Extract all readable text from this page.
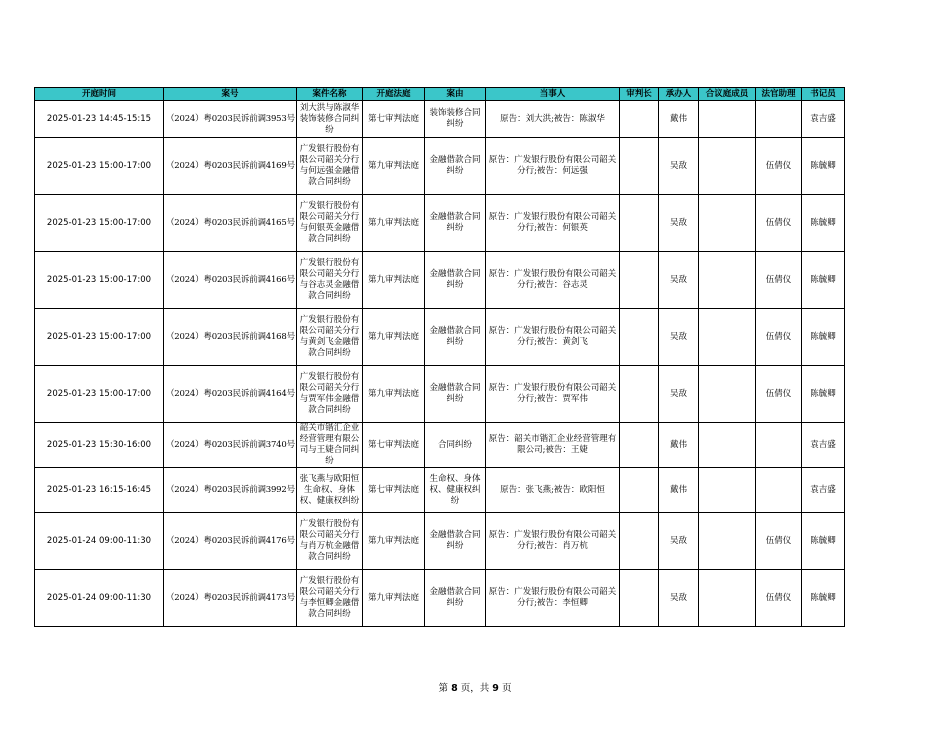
开庭时间	案号	案件名称	开庭法庭	案由	当事人	审判长	承办人	合议庭成员	法官助理	书记员
2025-01-23 14:45-15:15	（2024）粤0203民诉前调3953号	刘大洪与陈淑华装饰装修合同纠纷	第七审判法庭	装饰装修合同纠纷	原告：刘大洪;被告：陈淑华		戴伟			袁吉盛
2025-01-23 15:00-17:00	（2024）粤0203民诉前调4169号	广发银行股份有限公司韶关分行与何远强金融借款合同纠纷	第九审判法庭	金融借款合同纠纷	原告：广发银行股份有限公司韶关分行;被告：何远强		吴敌		伍倩仪	陈毓卿
2025-01-23 15:00-17:00	（2024）粤0203民诉前调4165号	广发银行股份有限公司韶关分行与何银英金融借款合同纠纷	第九审判法庭	金融借款合同纠纷	原告：广发银行股份有限公司韶关分行;被告：何银英		吴敌		伍倩仪	陈毓卿
2025-01-23 15:00-17:00	（2024）粤0203民诉前调4166号	广发银行股份有限公司韶关分行与谷志灵金融借款合同纠纷	第九审判法庭	金融借款合同纠纷	原告：广发银行股份有限公司韶关分行;被告：谷志灵		吴敌		伍倩仪	陈毓卿
2025-01-23 15:00-17:00	（2024）粤0203民诉前调4168号	广发银行股份有限公司韶关分行与黄剑飞金融借款合同纠纷	第九审判法庭	金融借款合同纠纷	原告：广发银行股份有限公司韶关分行;被告：黄剑飞		吴敌		伍倩仪	陈毓卿
2025-01-23 15:00-17:00	（2024）粤0203民诉前调4164号	广发银行股份有限公司韶关分行与贾军伟金融借款合同纠纷	第九审判法庭	金融借款合同纠纷	原告：广发银行股份有限公司韶关分行;被告：贾军伟		吴敌		伍倩仪	陈毓卿
2025-01-23 15:30-16:00	（2024）粤0203民诉前调3740号	韶关市锴汇企业经营管理有限公司与王婕合同纠纷	第七审判法庭	合同纠纷	原告：韶关市锴汇企业经营管理有限公司;被告：王婕		戴伟			袁吉盛
2025-01-23 16:15-16:45	（2024）粤0203民诉前调3992号	张飞燕与欧阳恒生命权、身体权、健康权纠纷	第七审判法庭	生命权、身体权、健康权纠纷	原告：张飞燕;被告：欧阳恒		戴伟			袁吉盛
2025-01-24 09:00-11:30	（2024）粤0203民诉前调4176号	广发银行股份有限公司韶关分行与肖万杭金融借款合同纠纷	第九审判法庭	金融借款合同纠纷	原告：广发银行股份有限公司韶关分行;被告：肖万杭		吴敌		伍倩仪	陈毓卿
2025-01-24 09:00-11:30	（2024）粤0203民诉前调4173号	广发银行股份有限公司韶关分行与李恒卿金融借款合同纠纷	第九审判法庭	金融借款合同纠纷	原告：广发银行股份有限公司韶关分行;被告：李恒卿		吴敌		伍倩仪	陈毓卿
第 8 页，共 9 页
